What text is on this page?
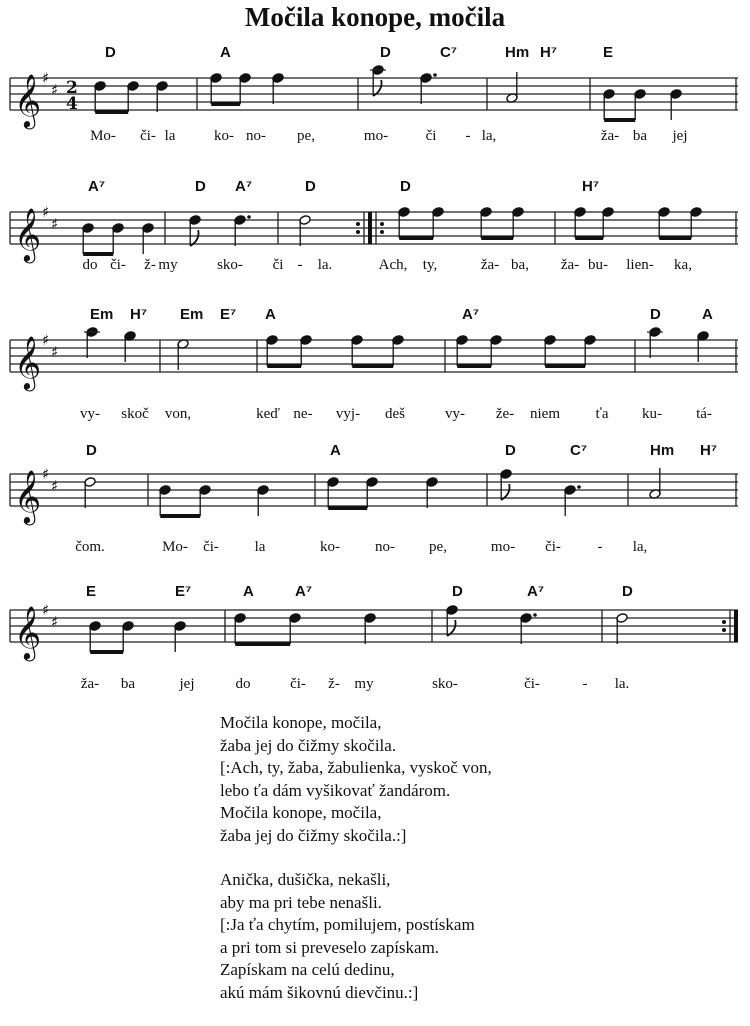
Močila konope, močila
𝄞 ♯
♯ 2
4
𝄞 ♯
♯
𝄞 ♯
♯
𝄞 ♯
♯
𝄞 ♯
♯
D	A	D	C⁷	Hm H⁷	E
Mo- či- la	ko- no- pe,	mo-	či - la,	ža- ba jej
A⁷	D A⁷	D	D	H⁷
do či- ž- my	sko- či - la.	Ach, ty,	ža- ba, ža- bu- lien- ka,
Em H⁷ Em E⁷ A	A⁷	D	A
vy- skoč von,	keď ne- vyj- deš	vy- že- niem ťa ku- tá-
D	A	D	C⁷	Hm H⁷
čom.	Mo- či- la	ko- no- pe,	mo- či- - la,
E	E⁷	A	A⁷	D	A⁷	D
ža- ba	jej	do	či- ž- my	sko-	či-	- la.
Močila konope, močila,
žaba jej do čižmy skočila.
[:Ach, ty, žaba, žabulienka, vyskoč von,
lebo ťa dám vyšikovať žandárom.
Močila konope, močila,
žaba jej do čižmy skočila.:]
Anička, dušička, nekašli,
aby ma pri tebe nenašli.
[:Ja ťa chytím, pomilujem, postískam
a pri tom si preveselo zapískam.
Zapískam na celú dedinu,
akú mám šikovnú dievčinu.:]
